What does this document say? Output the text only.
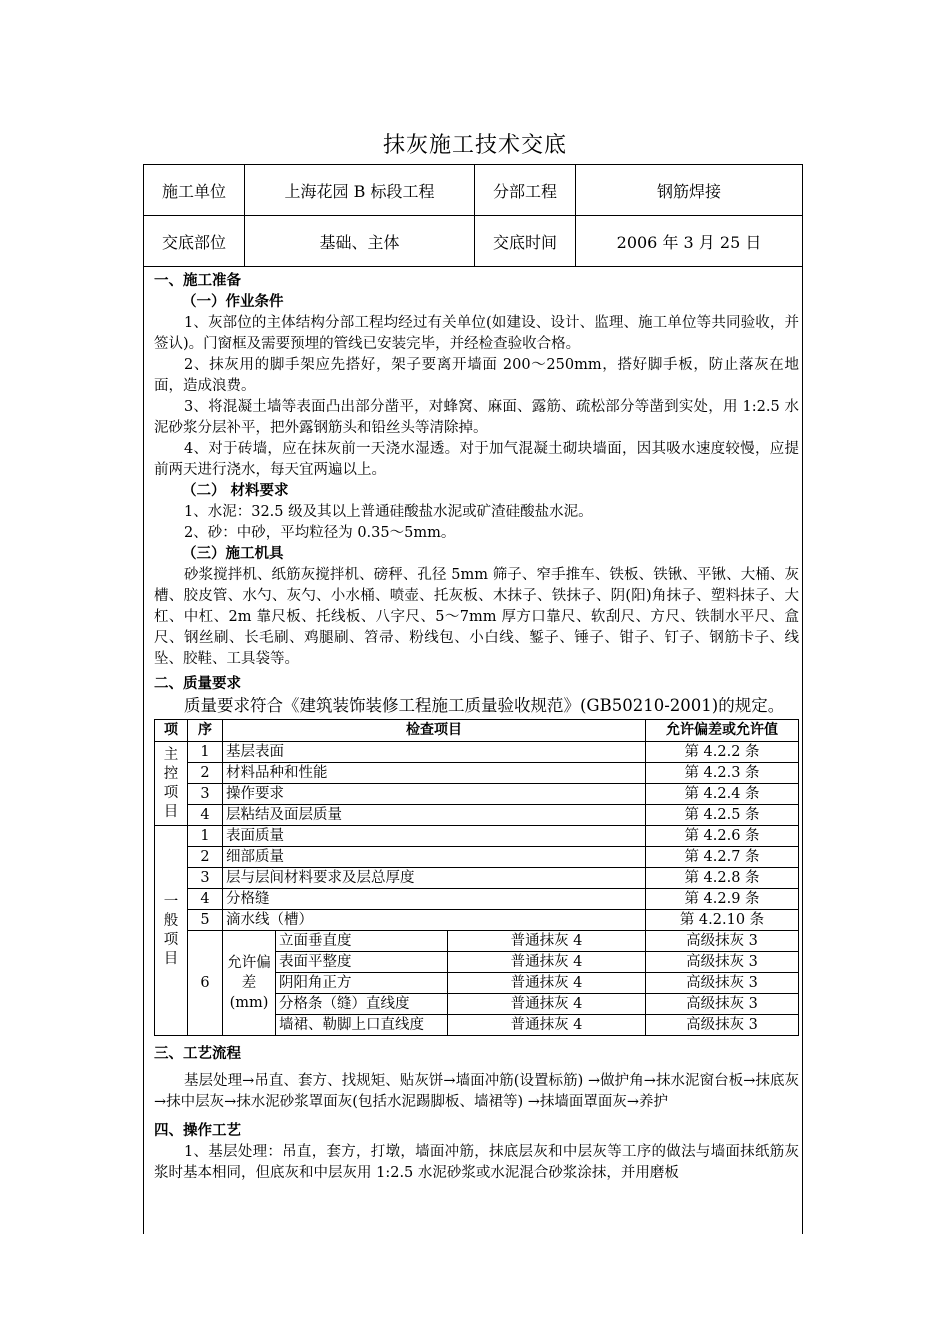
抹灰施工技术交底
施工单位	上海花园 B 标段工程	分部工程	钢筋焊接
交底部位	基础、主体	交底时间	2006 年 3 月 25 日

一、施工准备

（一）作业条件

1、灰部位的主体结构分部工程均经过有关单位(如建设、设计、监理、施工单位等共同验收，并签认)。门窗框及需要预埋的管线已安装完毕，并经检查验收合格。

2、抹灰用的脚手架应先搭好，架子要离开墙面 200～250mm，搭好脚手板，防止落灰在地面，造成浪费。

3、将混凝土墙等表面凸出部分凿平，对蜂窝、麻面、露筋、疏松部分等凿到实处，用 1:2.5 水泥砂浆分层补平，把外露钢筋头和铅丝头等清除掉。

4、对于砖墙，应在抹灰前一天浇水湿透。对于加气混凝土砌块墙面，因其吸水速度较慢，应提前两天进行浇水，每天宜两遍以上。

（二） 材料要求

1、水泥：32.5 级及其以上普通硅酸盐水泥或矿渣硅酸盐水泥。

2、砂：中砂，平均粒径为 0.35～5mm。

（三）施工机具

砂浆搅拌机、纸筋灰搅拌机、磅秤、孔径 5mm 筛子、窄手推车、铁板、铁锹、平锹、大桶、灰槽、胶皮管、水勺、灰勺、小水桶、喷壶、托灰板、木抹子、铁抹子、阴(阳)角抹子、塑料抹子、大杠、中杠、2m 靠尺板、托线板、八字尺、5～7mm 厚方口靠尺、软刮尺、方尺、铁制水平尺、盒尺、钢丝刷、长毛刷、鸡腿刷、笤帚、粉线包、小白线、錾子、锤子、钳子、钉子、钢筋卡子、线坠、胶鞋、工具袋等。

二、质量要求

质量要求符合《建筑装饰装修工程施工质量验收规范》(GB50210-2001)的规定。

项	序	检查项目			允许偏差或允许值

主控项目	1	基层表面			第 4.2.2 条
	2	材料品种和性能			第 4.2.3 条
	3	操作要求			第 4.2.4 条
	4	层粘结及面层质量			第 4.2.5 条

一般项目	1	表面质量			第 4.2.6 条
	2	细部质量			第 4.2.7 条
	3	层与层间材料要求及层总厚度			第 4.2.8 条
	4	分格缝			第 4.2.9 条
	5	滴水线（槽）			第 4.2.10 条
	6	允许偏差(mm)	立面垂直度	普通抹灰 4	高级抹灰 3
			表面平整度	普通抹灰 4	高级抹灰 3
			阴阳角正方	普通抹灰 4	高级抹灰 3
			分格条（缝）直线度	普通抹灰 4	高级抹灰 3
			墙裙、勒脚上口直线度	普通抹灰 4	高级抹灰 3

三、工艺流程

基层处理→吊直、套方、找规矩、贴灰饼→墙面冲筋(设置标筋) →做护角→抹水泥窗台板→抹底灰→抹中层灰→抹水泥砂浆罩面灰(包括水泥踢脚板、墙裙等) →抹墙面罩面灰→养护

四、操作工艺

1、基层处理：吊直，套方，打墩，墙面冲筋，抹底层灰和中层灰等工序的做法与墙面抹纸筋灰浆时基本相同，但底灰和中层灰用 1:2.5 水泥砂浆或水泥混合砂浆涂抹，并用磨板
